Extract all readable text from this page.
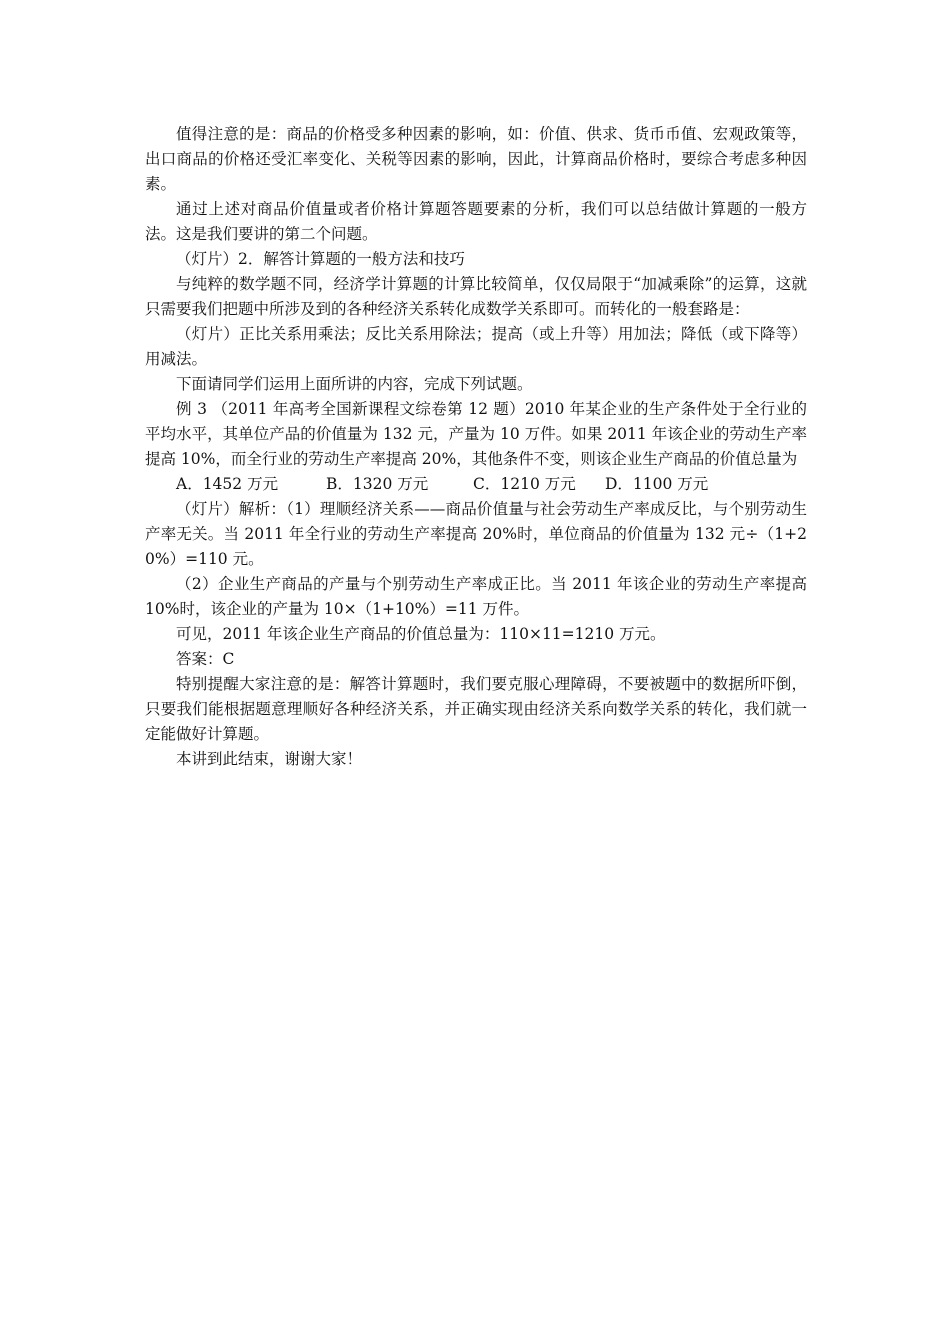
值得注意的是：商品的价格受多种因素的影响，如：价值、供求、货币币值、宏观政策等，出口商品的价格还受汇率变化、关税等因素的影响，因此，计算商品价格时，要综合考虑多种因素。

通过上述对商品价值量或者价格计算题答题要素的分析，我们可以总结做计算题的一般方法。这是我们要讲的第二个问题。

（灯片）2．解答计算题的一般方法和技巧

与纯粹的数学题不同，经济学计算题的计算比较简单，仅仅局限于“加减乘除”的运算，这就只需要我们把题中所涉及到的各种经济关系转化成数学关系即可。而转化的一般套路是：

（灯片）正比关系用乘法；反比关系用除法；提高（或上升等）用加法；降低（或下降等）用减法。

下面请同学们运用上面所讲的内容，完成下列试题。

例 3 （2011 年高考全国新课程文综卷第 12 题）2010 年某企业的生产条件处于全行业的平均水平，其单位产品的价值量为 132 元，产量为 10 万件。如果 2011 年该企业的劳动生产率提高 10%，而全行业的劳动生产率提高 20%，其他条件不变，则该企业生产商品的价值总量为

A．1452 万元	B．1320 万元	C．1210 万元	D．1100 万元

（灯片）解析：（1）理顺经济关系——商品价值量与社会劳动生产率成反比，与个别劳动生产率无关。当 2011 年全行业的劳动生产率提高 20%时，单位商品的价值量为 132 元÷（1+20%）=110 元。

（2）企业生产商品的产量与个别劳动生产率成正比。当 2011 年该企业的劳动生产率提高 10%时，该企业的产量为 10×（1+10%）=11 万件。

可见，2011 年该企业生产商品的价值总量为：110×11=1210 万元。

答案：C

特别提醒大家注意的是：解答计算题时，我们要克服心理障碍，不要被题中的数据所吓倒，只要我们能根据题意理顺好各种经济关系，并正确实现由经济关系向数学关系的转化，我们就一定能做好计算题。

本讲到此结束，谢谢大家！
